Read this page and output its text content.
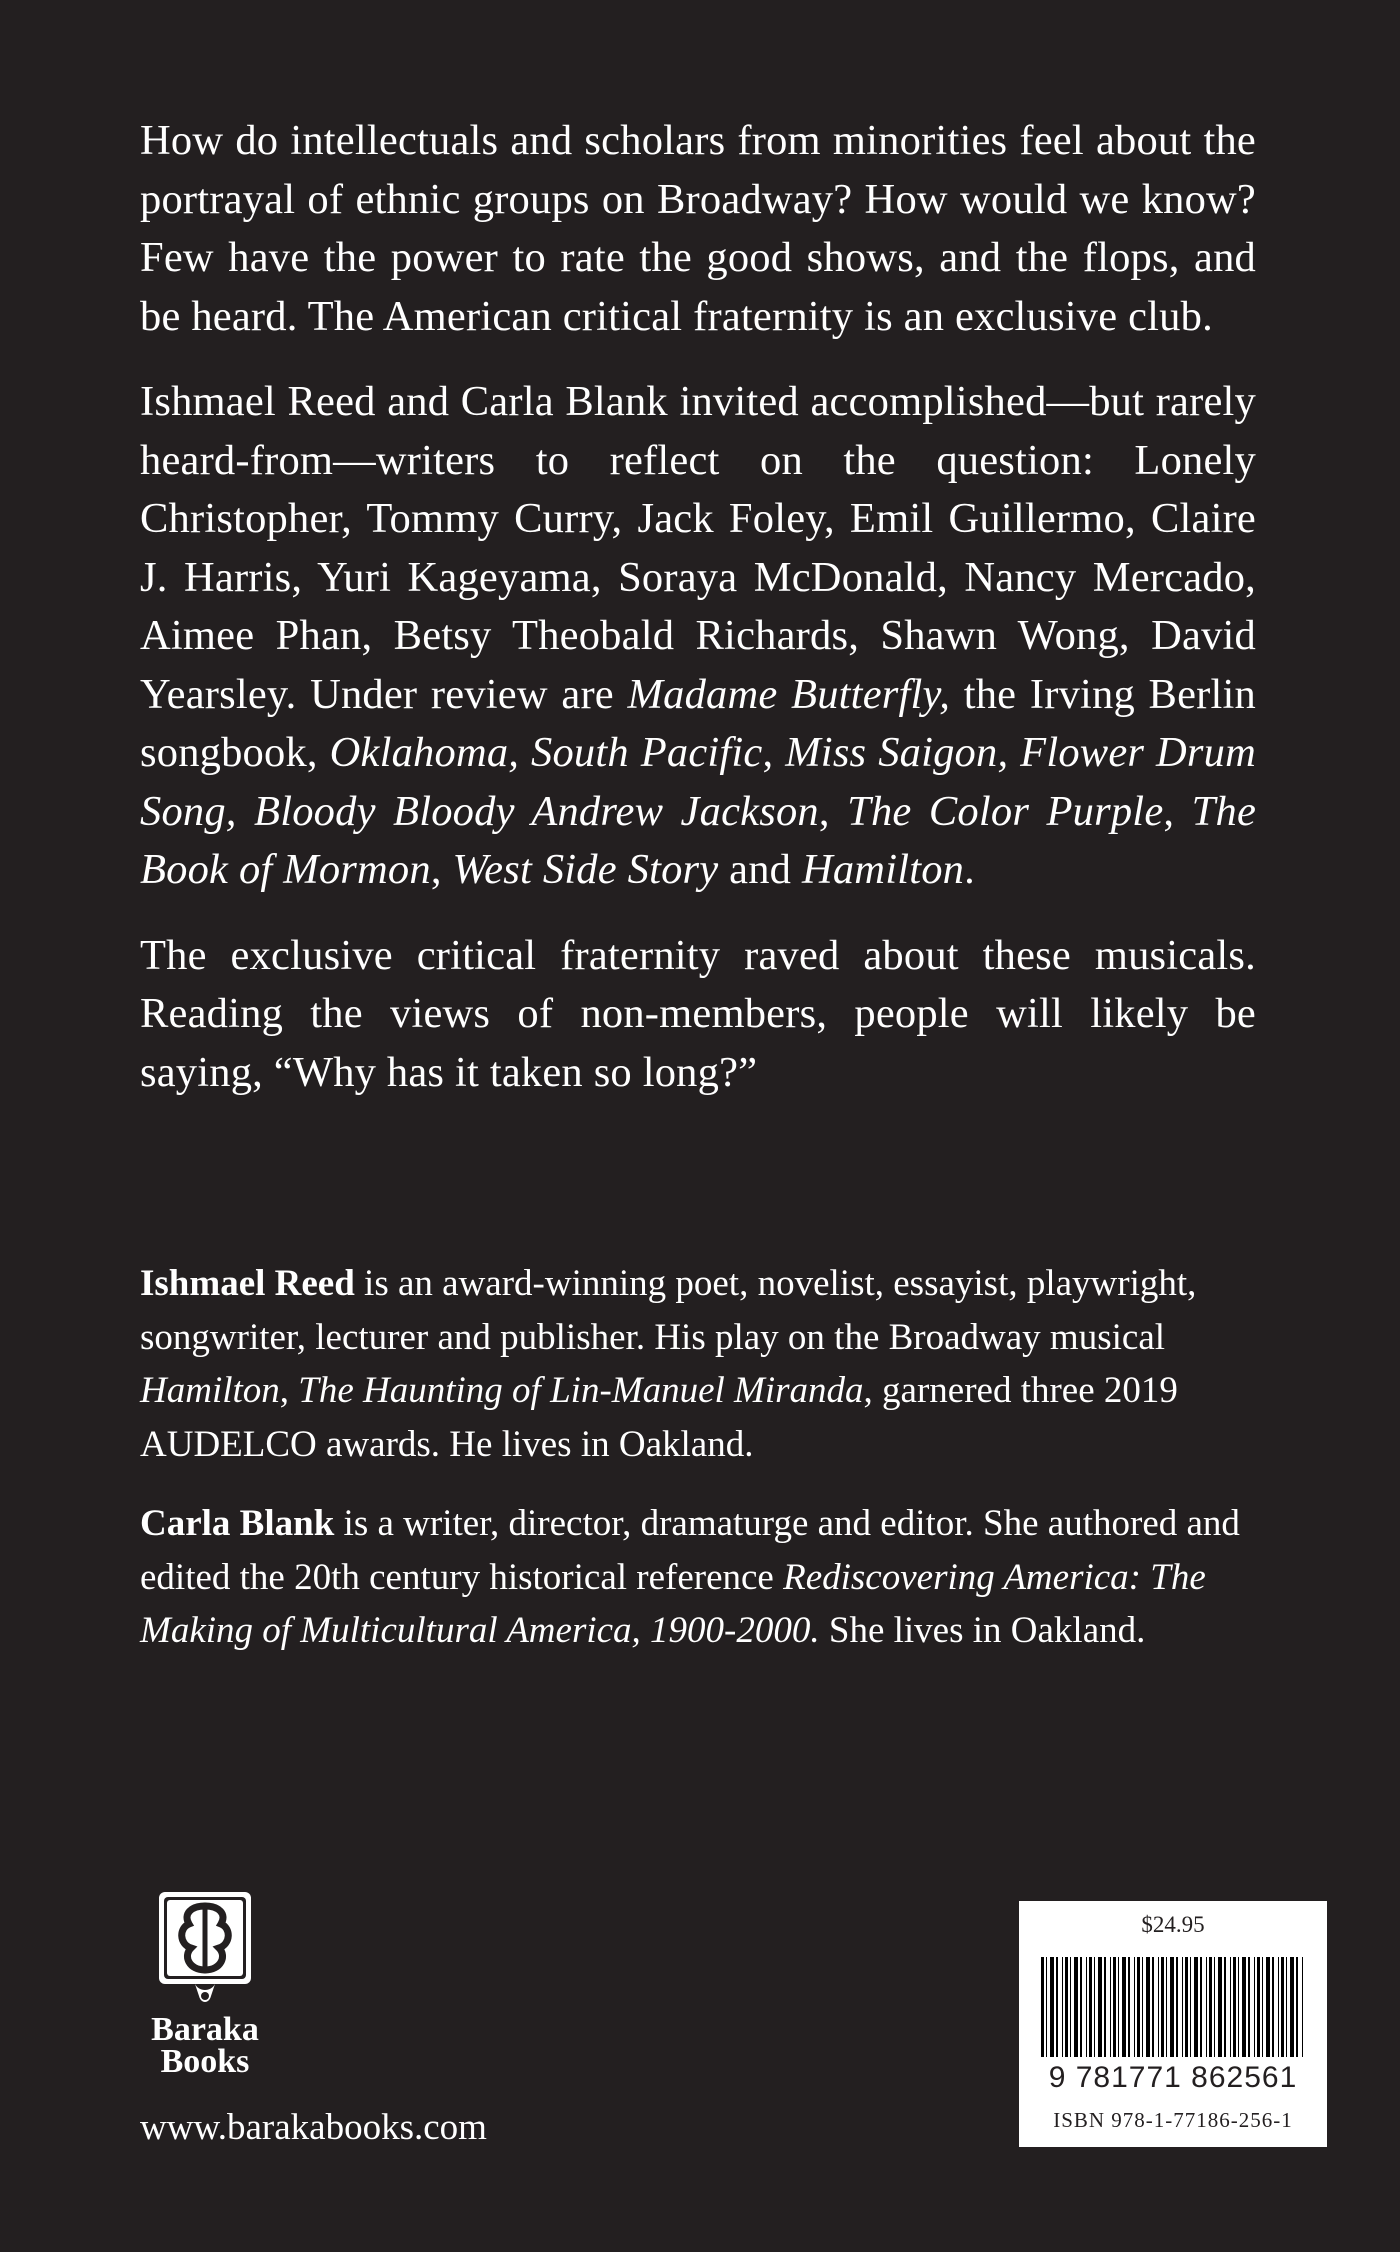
How do intellectuals and scholars from minorities feel about the portrayal of ethnic groups on Broadway? How would we know? Few have the power to rate the good shows, and the flops, and be heard. The American critical fraternity is an exclusive club.

Ishmael Reed and Carla Blank invited accomplished—but rarely heard-from—writers to reflect on the question: Lonely Christopher, Tommy Curry, Jack Foley, Emil Guillermo, Claire J. Harris, Yuri Kageyama, Soraya McDonald, Nancy Mercado, Aimee Phan, Betsy Theobald Richards, Shawn Wong, David Yearsley. Under review are Madame Butterfly, the Irving Berlin songbook, Oklahoma, South Pacific, Miss Saigon, Flower Drum Song, Bloody Bloody Andrew Jackson, The Color Purple, The Book of Mormon, West Side Story and Hamilton.

The exclusive critical fraternity raved about these musicals. Reading the views of non-members, people will likely be saying, “Why has it taken so long?”

Ishmael Reed is an award-winning poet, novelist, essayist, playwright, songwriter, lecturer and publisher. His play on the Broadway musical Hamilton, The Haunting of Lin-Manuel Miranda, garnered three 2019 AUDELCO awards. He lives in Oakland.

Carla Blank is a writer, director, dramaturge and editor. She authored and edited the 20th century historical reference Rediscovering America: The Making of Multicultural America, 1900-2000. She lives in Oakland.

Baraka
Books
www.barakabooks.com
$24.95
9 781771 862561
ISBN 978-1-77186-256-1
